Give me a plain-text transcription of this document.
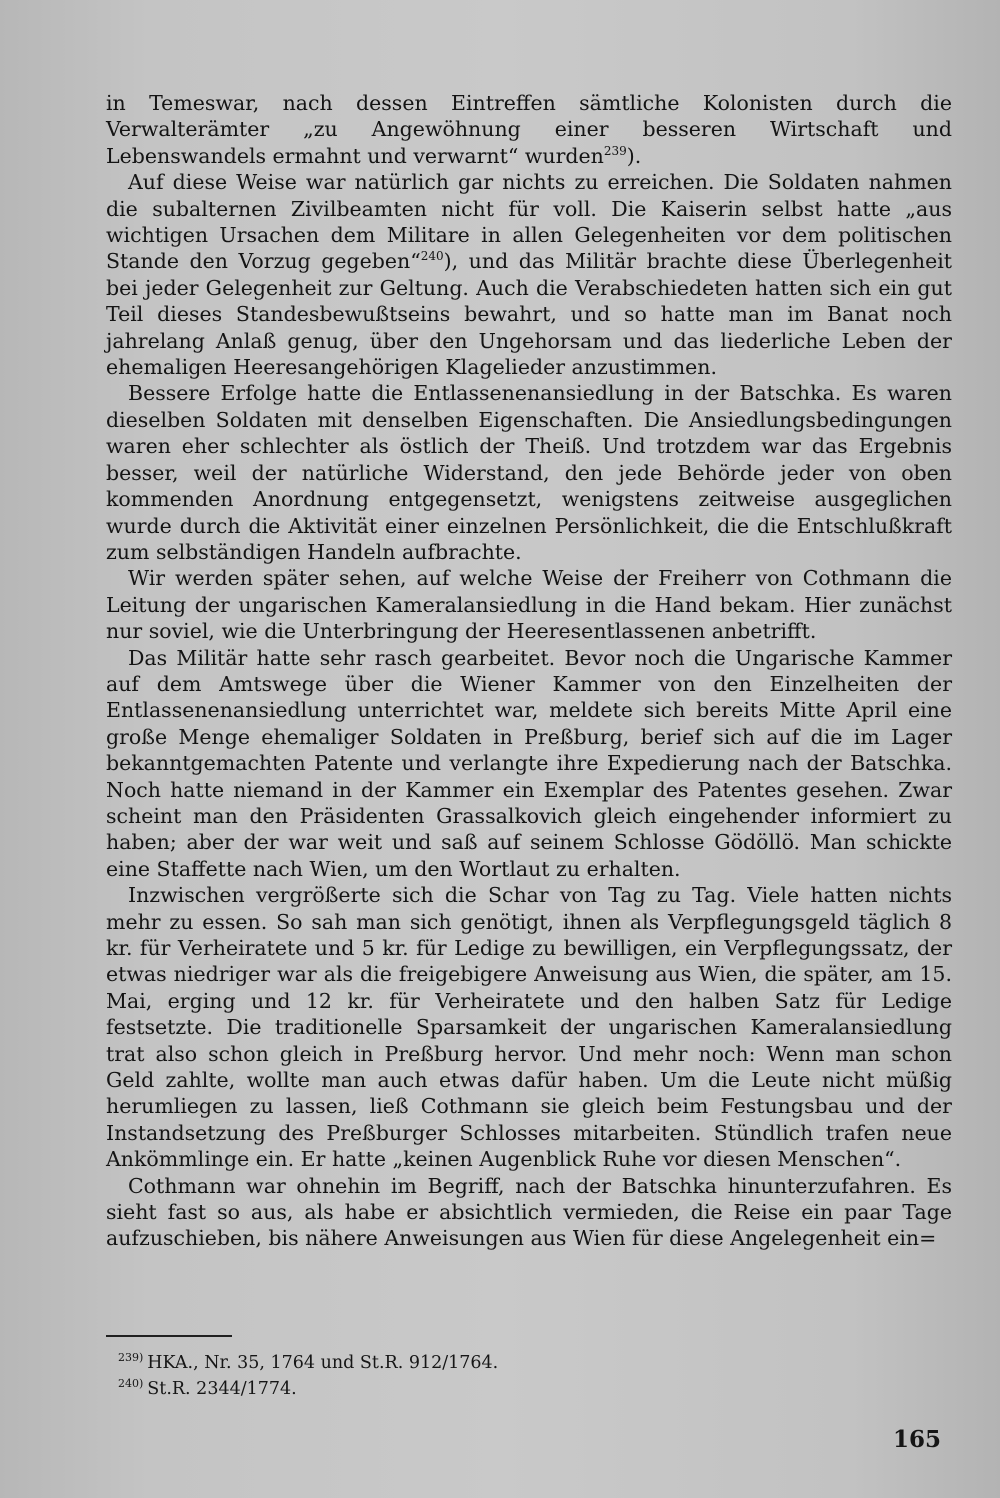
in Temeswar, nach dessen Eintreffen sämtliche Kolonisten durch die Verwalterämter „zu Angewöhnung einer besseren Wirtschaft und Lebenswandels ermahnt und verwarnt“ wurden$^{239}$).

Auf diese Weise war natürlich gar nichts zu erreichen. Die Soldaten nahmen die subalternen Zivilbeamten nicht für voll. Die Kaiserin selbst hatte „aus wichtigen Ursachen dem Militare in allen Gelegenheiten vor dem politischen Stande den Vorzug gegeben“$^{240}$), und das Militär brachte diese Überlegenheit bei jeder Gelegenheit zur Geltung. Auch die Verabschiedeten hatten sich ein gut Teil dieses Standesbewußtseins bewahrt, und so hatte man im Banat noch jahrelang Anlaß genug, über den Ungehorsam und das liederliche Leben der ehemaligen Heeresangehörigen Klagelieder anzustimmen.

Bessere Erfolge hatte die Entlassenenansiedlung in der Batschka. Es waren dieselben Soldaten mit denselben Eigenschaften. Die Ansiedlungsbedingungen waren eher schlechter als östlich der Theiß. Und trotzdem war das Ergebnis besser, weil der natürliche Widerstand, den jede Behörde jeder von oben kommenden Anordnung entgegensetzt, wenigstens zeitweise ausgeglichen wurde durch die Aktivität einer einzelnen Persönlichkeit, die die Entschlußkraft zum selbständigen Handeln aufbrachte.

Wir werden später sehen, auf welche Weise der Freiherr von Cothmann die Leitung der ungarischen Kameralansiedlung in die Hand bekam. Hier zunächst nur soviel, wie die Unterbringung der Heeresentlassenen anbetrifft.

Das Militär hatte sehr rasch gearbeitet. Bevor noch die Ungarische Kammer auf dem Amtswege über die Wiener Kammer von den Einzelheiten der Entlassenenansiedlung unterrichtet war, meldete sich bereits Mitte April eine große Menge ehemaliger Soldaten in Preßburg, berief sich auf die im Lager bekanntgemachten Patente und verlangte ihre Expedierung nach der Batschka. Noch hatte niemand in der Kammer ein Exemplar des Patentes gesehen. Zwar scheint man den Präsidenten Grassalkovich gleich eingehender informiert zu haben; aber der war weit und saß auf seinem Schlosse Gödöllö. Man schickte eine Staffette nach Wien, um den Wortlaut zu erhalten.

Inzwischen vergrößerte sich die Schar von Tag zu Tag. Viele hatten nichts mehr zu essen. So sah man sich genötigt, ihnen als Verpflegungsgeld täglich 8 kr. für Verheiratete und 5 kr. für Ledige zu bewilligen, ein Verpflegungssatz, der etwas niedriger war als die freigebigere Anweisung aus Wien, die später, am 15. Mai, erging und 12 kr. für Verheiratete und den halben Satz für Ledige festsetzte. Die traditionelle Sparsamkeit der ungarischen Kameralansiedlung trat also schon gleich in Preßburg hervor. Und mehr noch: Wenn man schon Geld zahlte, wollte man auch etwas dafür haben. Um die Leute nicht müßig herumliegen zu lassen, ließ Cothmann sie gleich beim Festungsbau und der Instandsetzung des Preßburger Schlosses mitarbeiten. Stündlich trafen neue Ankömmlinge ein. Er hatte „keinen Augenblick Ruhe vor diesen Menschen“.

Cothmann war ohnehin im Begriff, nach der Batschka hinunterzufahren. Es sieht fast so aus, als habe er absichtlich vermieden, die Reise ein paar Tage aufzuschieben, bis nähere Anweisungen aus Wien für diese Angelegenheit ein=

$^{239)}$ HKA., Nr. 35, 1764 und St.R. 912/1764.

$^{240)}$ St.R. 2344/1774.

165
